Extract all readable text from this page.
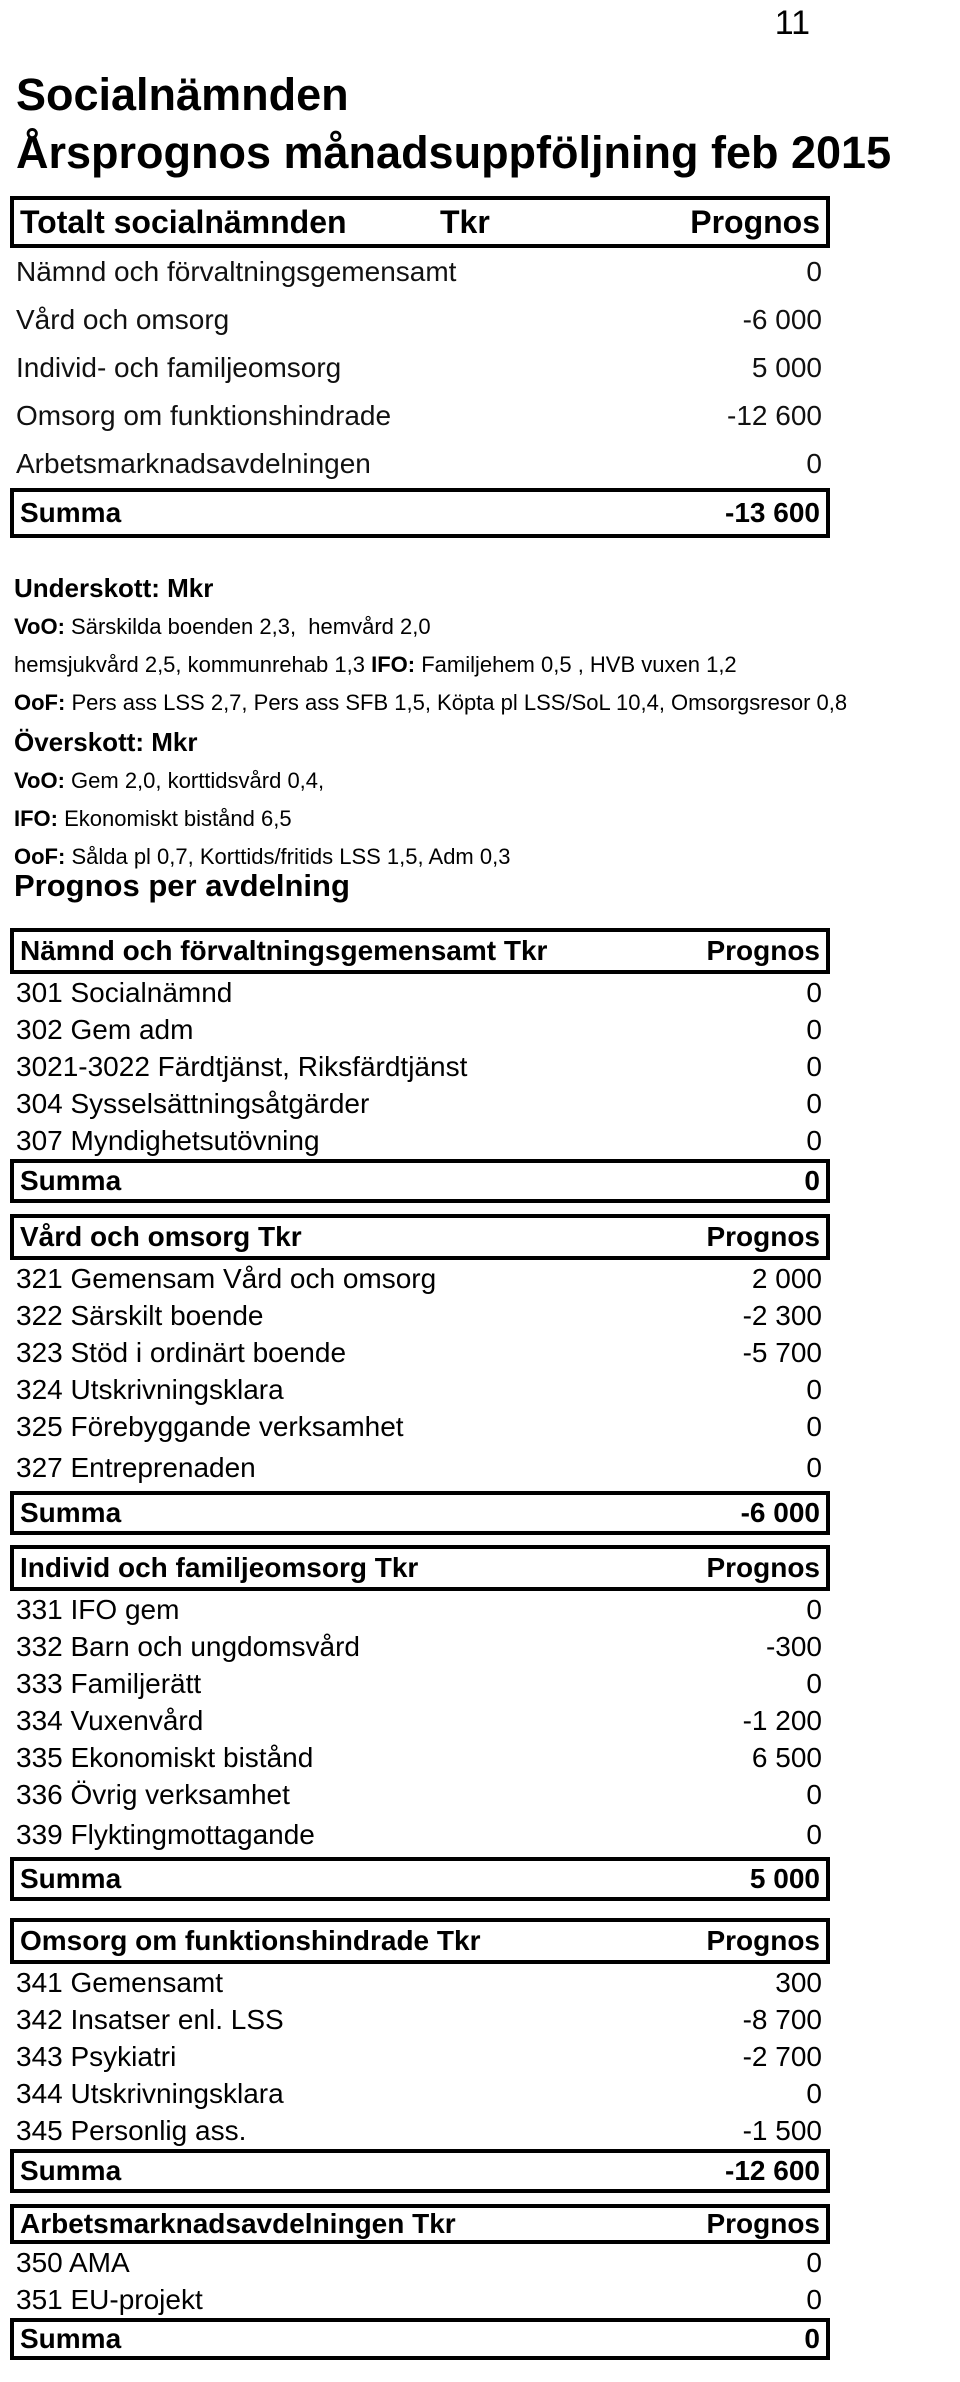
11
Socialnämnden
Årsprognos månadsuppföljning feb 2015
Totalt socialnämnden	Tkr	Prognos
Nämnd och förvaltningsgemensamt	0
Vård och omsorg	-6 000
Individ- och familjeomsorg	5 000
Omsorg om funktionshindrade	-12 600
Arbetsmarknadsavdelningen	0
Summa	-13 600
Underskott: Mkr
VoO: Särskilda boenden 2,3,  hemvård 2,0
hemsjukvård 2,5, kommunrehab 1,3 IFO: Familjehem 0,5 , HVB vuxen 1,2
OoF: Pers ass LSS 2,7, Pers ass SFB 1,5, Köpta pl LSS/SoL 10,4, Omsorgsresor 0,8
Överskott: Mkr
VoO: Gem 2,0 , korttidsvård 0,4,
IFO: Ekonomiskt bistånd 6,5
OoF: Sålda pl 0,7, Korttids/fritids LSS 1,5, Adm 0,3
Prognos per avdelning
Nämnd och förvaltningsgemensamt Tkr	Prognos
301 Socialnämnd	0
302 Gem adm	0
3021-3022 Färdtjänst, Riksfärdtjänst	0
304 Sysselsättningsåtgärder	0
307 Myndighetsutövning	0
Summa	0
Vård och omsorg Tkr	Prognos
321 Gemensam Vård och omsorg	2 000
322 Särskilt boende	-2 300
323 Stöd i ordinärt boende	-5 700
324 Utskrivningsklara	0
325 Förebyggande verksamhet	0
327 Entreprenaden	0
Summa	-6 000
Individ och familjeomsorg Tkr	Prognos
331 IFO gem	0
332 Barn och ungdomsvård	-300
333 Familjerätt	0
334 Vuxenvård	-1 200
335 Ekonomiskt bistånd	6 500
336 Övrig verksamhet	0
339 Flyktingmottagande	0
Summa	5 000
Omsorg om funktionshindrade Tkr	Prognos
341 Gemensamt	300
342 Insatser enl. LSS	-8 700
343 Psykiatri	-2 700
344 Utskrivningsklara	0
345 Personlig ass.	-1 500
Summa	-12 600
Arbetsmarknadsavdelningen Tkr	Prognos
350 AMA	0
351 EU-projekt	0
Summa	0
